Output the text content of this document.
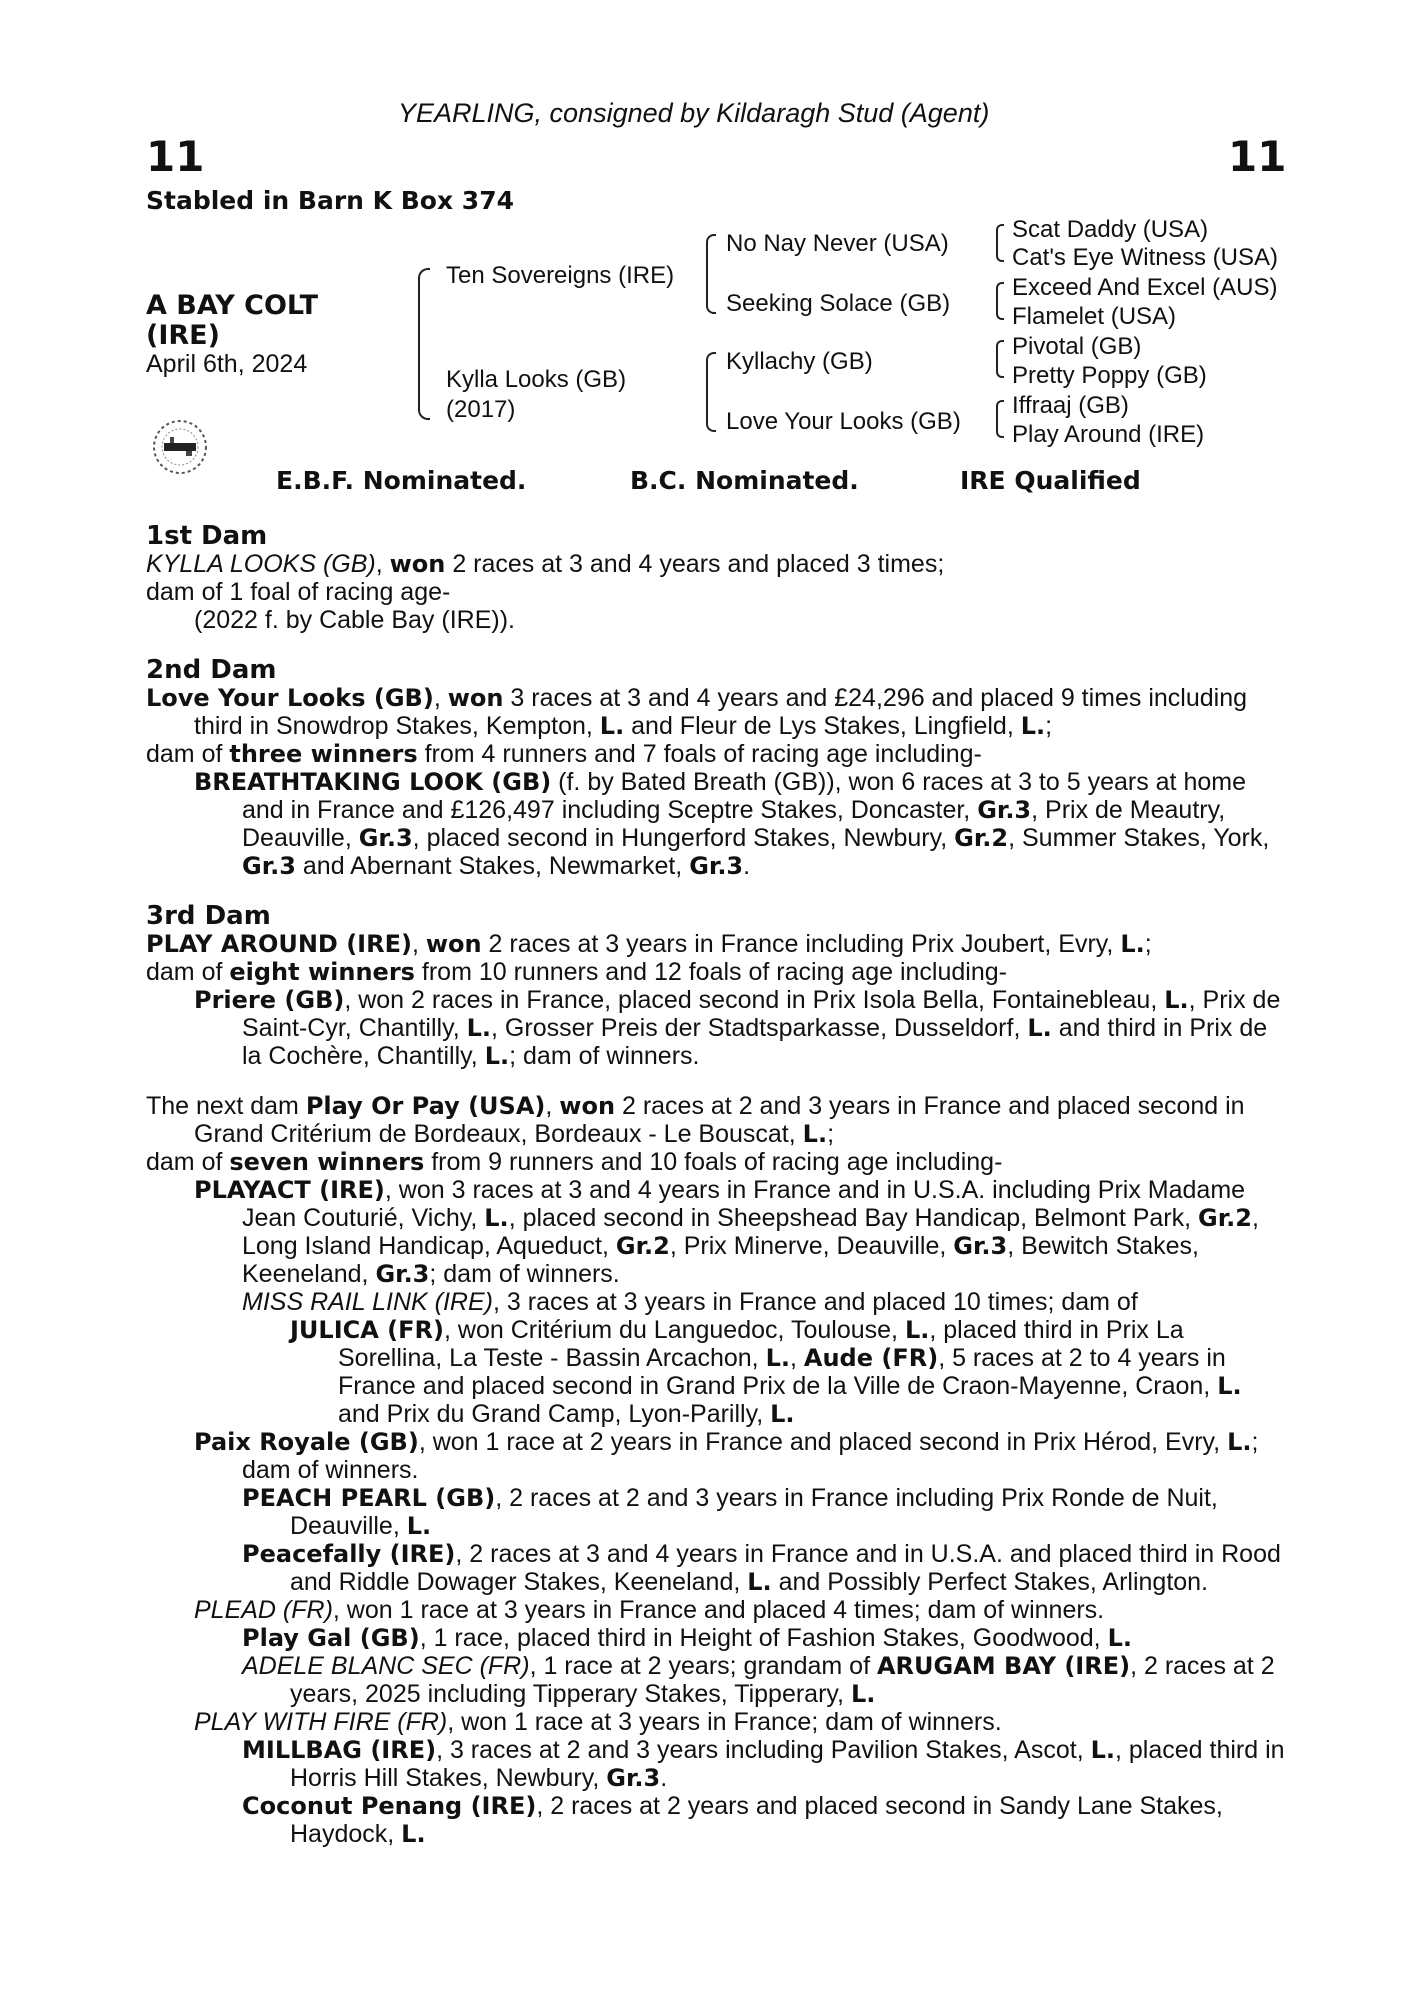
YEARLING, consigned by Kildaragh Stud (Agent)
11	11
Stabled in Barn K Box 374
A BAY COLT
(IRE)
April 6th, 2024
Ten Sovereigns (IRE)
Kylla Looks (GB)
(2017)
No Nay Never (USA)
Seeking Solace (GB)
Kyllachy (GB)
Love Your Looks (GB)
Scat Daddy (USA)
Cat's Eye Witness (USA)
Exceed And Excel (AUS)
Flamelet (USA)
Pivotal (GB)
Pretty Poppy (GB)
Iffraaj (GB)
Play Around (IRE)
E.B.F. Nominated.	B.C. Nominated.	IRE Qualified

1st Dam

KYLLA LOOKS (GB), won 2 races at 3 and 4 years and placed 3 times;

dam of 1 foal of racing age-

(2022 f. by Cable Bay (IRE)).

2nd Dam

Love Your Looks (GB), won 3 races at 3 and 4 years and £24,296 and placed 9 times including third in Snowdrop Stakes, Kempton, L. and Fleur de Lys Stakes, Lingfield, L.;

dam of three winners from 4 runners and 7 foals of racing age including-

BREATHTAKING LOOK (GB) (f. by Bated Breath (GB)), won 6 races at 3 to 5 years at home and in France and £126,497 including Sceptre Stakes, Doncaster, Gr.3, Prix de Meautry, Deauville, Gr.3, placed second in Hungerford Stakes, Newbury, Gr.2, Summer Stakes, York, Gr.3 and Abernant Stakes, Newmarket, Gr.3.

3rd Dam

PLAY AROUND (IRE), won 2 races at 3 years in France including Prix Joubert, Evry, L.;

dam of eight winners from 10 runners and 12 foals of racing age including-

Priere (GB), won 2 races in France, placed second in Prix Isola Bella, Fontainebleau, L., Prix de Saint-Cyr, Chantilly, L., Grosser Preis der Stadtsparkasse, Dusseldorf, L. and third in Prix de la Cochère, Chantilly, L.; dam of winners.

The next dam Play Or Pay (USA), won 2 races at 2 and 3 years in France and placed second in Grand Critérium de Bordeaux, Bordeaux - Le Bouscat, L.;

dam of seven winners from 9 runners and 10 foals of racing age including-

PLAYACT (IRE), won 3 races at 3 and 4 years in France and in U.S.A. including Prix Madame Jean Couturié, Vichy, L., placed second in Sheepshead Bay Handicap, Belmont Park, Gr.2, Long Island Handicap, Aqueduct, Gr.2, Prix Minerve, Deauville, Gr.3, Bewitch Stakes, Keeneland, Gr.3; dam of winners.

MISS RAIL LINK (IRE), 3 races at 3 years in France and placed 10 times; dam of

JULICA (FR), won Critérium du Languedoc, Toulouse, L., placed third in Prix La Sorellina, La Teste - Bassin Arcachon, L., Aude (FR), 5 races at 2 to 4 years in France and placed second in Grand Prix de la Ville de Craon-Mayenne, Craon, L. and Prix du Grand Camp, Lyon-Parilly, L.

Paix Royale (GB), won 1 race at 2 years in France and placed second in Prix Hérod, Evry, L.; dam of winners.

PEACH PEARL (GB), 2 races at 2 and 3 years in France including Prix Ronde de Nuit, Deauville, L.

Peacefally (IRE), 2 races at 3 and 4 years in France and in U.S.A. and placed third in Rood and Riddle Dowager Stakes, Keeneland, L. and Possibly Perfect Stakes, Arlington.

PLEAD (FR), won 1 race at 3 years in France and placed 4 times; dam of winners.

Play Gal (GB), 1 race, placed third in Height of Fashion Stakes, Goodwood, L.

ADELE BLANC SEC (FR), 1 race at 2 years; grandam of ARUGAM BAY (IRE), 2 races at 2 years, 2025 including Tipperary Stakes, Tipperary, L.

PLAY WITH FIRE (FR), won 1 race at 3 years in France; dam of winners.

MILLBAG (IRE), 3 races at 2 and 3 years including Pavilion Stakes, Ascot, L., placed third in Horris Hill Stakes, Newbury, Gr.3.

Coconut Penang (IRE), 2 races at 2 years and placed second in Sandy Lane Stakes, Haydock, L.
